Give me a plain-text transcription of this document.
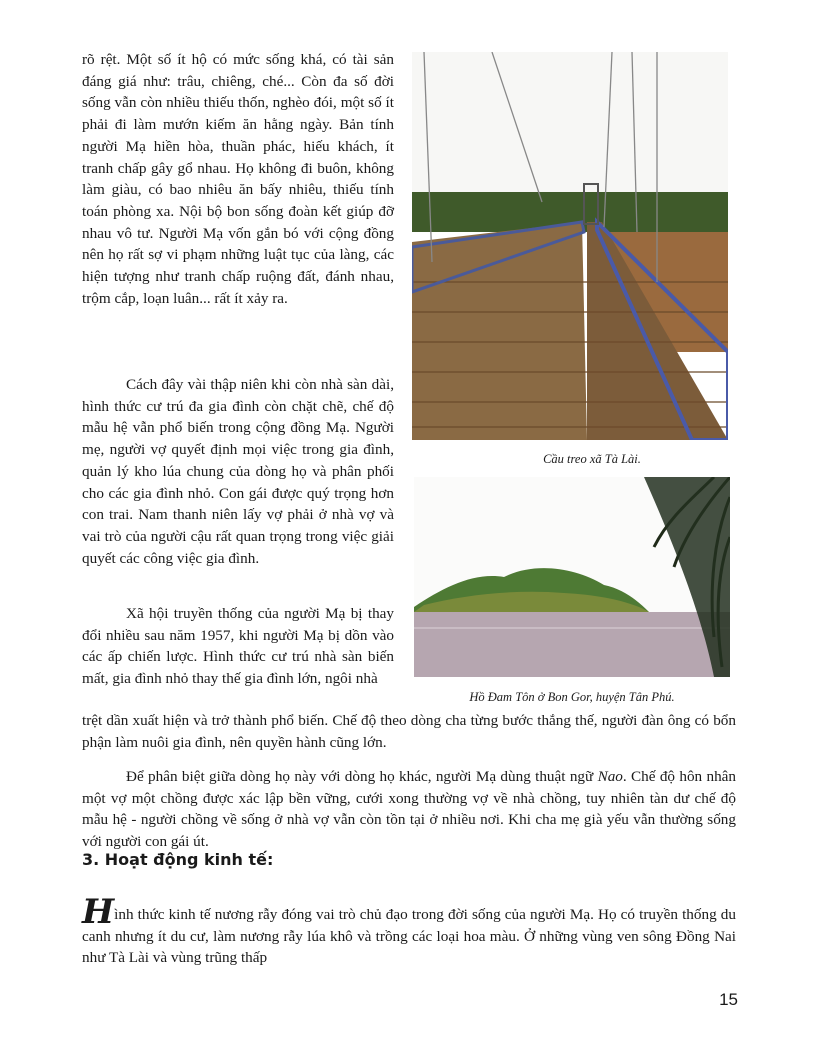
rõ rệt. Một số ít hộ có mức sống khá, có tài sản đáng giá như: trâu, chiêng, ché... Còn đa số đời sống vẫn còn nhiều thiếu thốn, nghèo đói, một số ít phải đi làm mướn kiếm ăn hằng ngày. Bản tính người Mạ hiền hòa, thuần phác, hiếu khách, ít tranh chấp gây gổ nhau. Họ không đi buôn, không làm giàu, có bao nhiêu ăn bấy nhiêu, thiếu tính toán phòng xa. Nội bộ bon sống đoàn kết giúp đỡ nhau vô tư. Người Mạ vốn gắn bó với cộng đồng nên họ rất sợ vi phạm những luật tục của làng, các hiện tượng như tranh chấp ruộng đất, đánh nhau, trộm cắp, loạn luân... rất ít xảy ra.

Cách đây vài thập niên khi còn nhà sàn dài, hình thức cư trú đa gia đình còn chặt chẽ, chế độ mẫu hệ vẫn phổ biến trong cộng đồng Mạ. Người mẹ, người vợ quyết định mọi việc trong gia đình, quản lý kho lúa chung của dòng họ và phân phối cho các gia đình nhỏ. Con gái được quý trọng hơn con trai. Nam thanh niên lấy vợ phải ở nhà vợ và vai trò của người cậu rất quan trọng trong việc giải quyết các công việc gia đình.

Xã hội truyền thống của người Mạ bị thay đổi nhiều sau năm 1957, khi người Mạ bị dồn vào các ấp chiến lược. Hình thức cư trú nhà sàn biến mất, gia đình nhỏ thay thế gia đình lớn, ngôi nhà

trệt dần xuất hiện và trở thành phổ biến. Chế độ theo dòng cha từng bước thắng thế, người đàn ông có bổn phận làm nuôi gia đình, nên quyền hành cũng lớn.

Để phân biệt giữa dòng họ này với dòng họ khác, người Mạ dùng thuật ngữ Nao. Chế độ hôn nhân một vợ một chồng được xác lập bền vững, cưới xong thường vợ về nhà chồng, tuy nhiên tàn dư chế độ mẫu hệ - người chồng về sống ở nhà vợ vẫn còn tồn tại ở nhiều nơi. Khi cha mẹ già yếu vẫn thường sống với người con gái út.

3. Hoạt động kinh tế:

Hình thức kinh tế nương rẫy đóng vai trò chủ đạo trong đời sống của người Mạ. Họ có truyền thống du canh nhưng ít du cư, làm nương rẫy lúa khô và trồng các loại hoa màu. Ở những vùng ven sông Đồng Nai như Tà Lài và vùng trũng thấp

Cầu treo xã Tà Lài.

Hồ Đam Tôn ở Bon Gor, huyện Tân Phú.

15
